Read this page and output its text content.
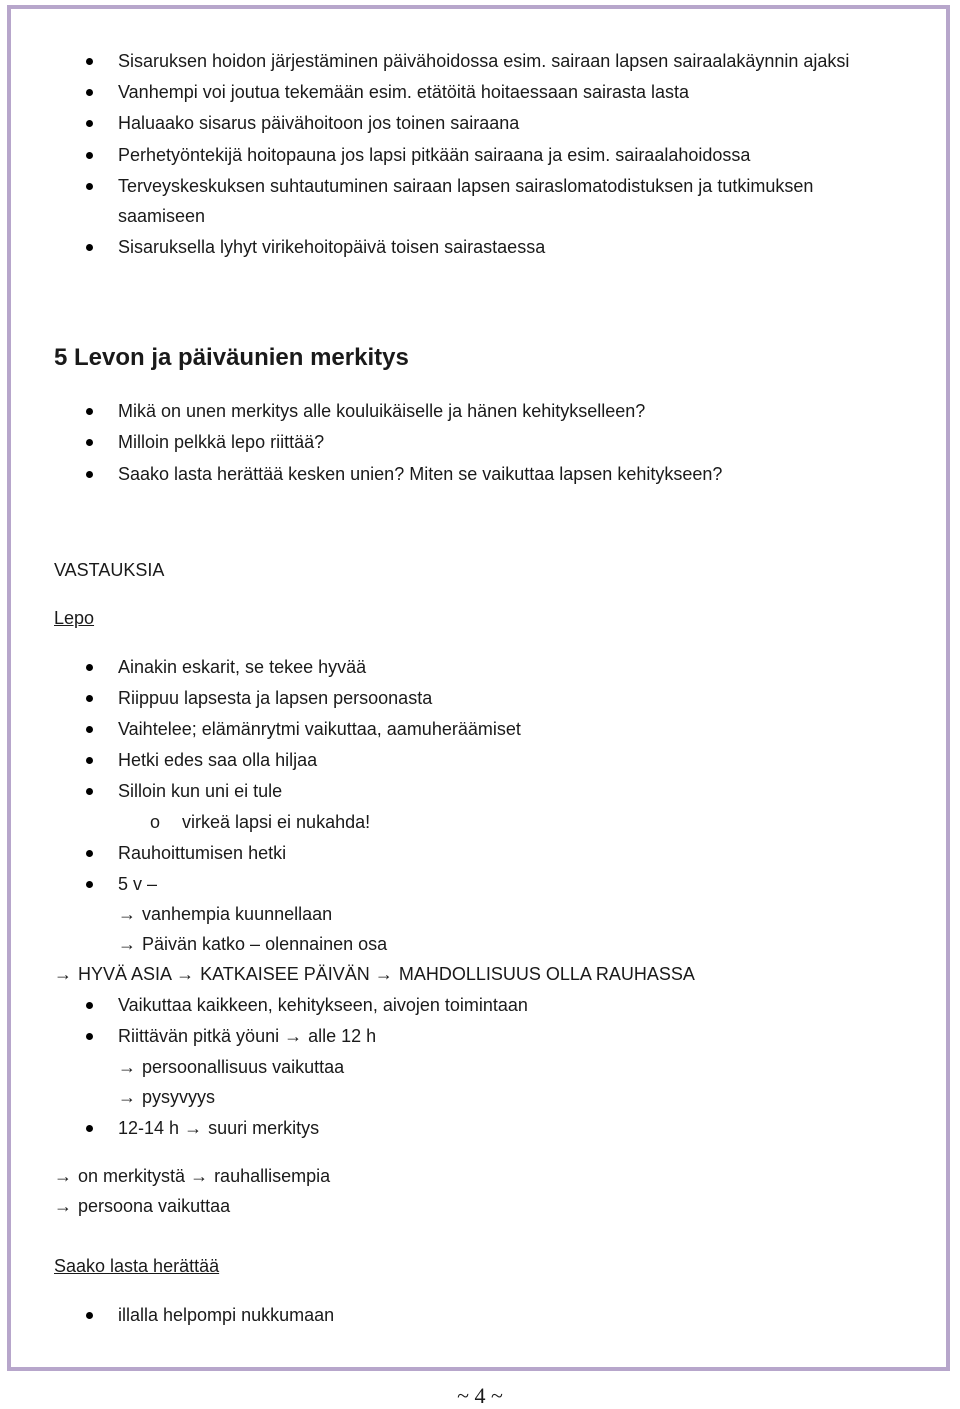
Sisaruksen hoidon järjestäminen päivähoidossa esim. sairaan lapsen sairaalakäynnin ajaksi
Vanhempi voi joutua tekemään esim. etätöitä hoitaessaan sairasta lasta
Haluaako sisarus päivähoitoon jos toinen sairaana
Perhetyöntekijä hoitopauna jos lapsi pitkään sairaana ja esim. sairaalahoidossa
Terveyskeskuksen suhtautuminen sairaan lapsen sairaslomatodistuksen ja tutkimuksen
saamiseen
Sisaruksella lyhyt virikehoitopäivä toisen sairastaessa
5 Levon ja päiväunien merkitys
Mikä on unen merkitys alle kouluikäiselle ja hänen kehitykselleen?
Milloin pelkkä lepo riittää?
Saako lasta herättää kesken unien? Miten se vaikuttaa lapsen kehitykseen?
VASTAUKSIA
Lepo
Ainakin eskarit, se tekee hyvää
Riippuu lapsesta ja lapsen persoonasta
Vaihtelee; elämänrytmi vaikuttaa, aamuheräämiset
Hetki edes saa olla hiljaa
Silloin kun uni ei tule
o virkeä lapsi ei nukahda!
Rauhoittumisen hetki
5 v –
→ vanhempia kuunnellaan
→ Päivän katko – olennainen osa
→ HYVÄ ASIA → KATKAISEE PÄIVÄN → MAHDOLLISUUS OLLA RAUHASSA
Vaikuttaa kaikkeen, kehitykseen, aivojen toimintaan
Riittävän pitkä yöuni → alle 12 h
→ persoonallisuus vaikuttaa
→ pysyvyys
12-14 h → suuri merkitys
→ on merkitystä → rauhallisempia
→ persoona vaikuttaa
Saako lasta herättää
illalla helpompi nukkumaan
~ 4 ~
